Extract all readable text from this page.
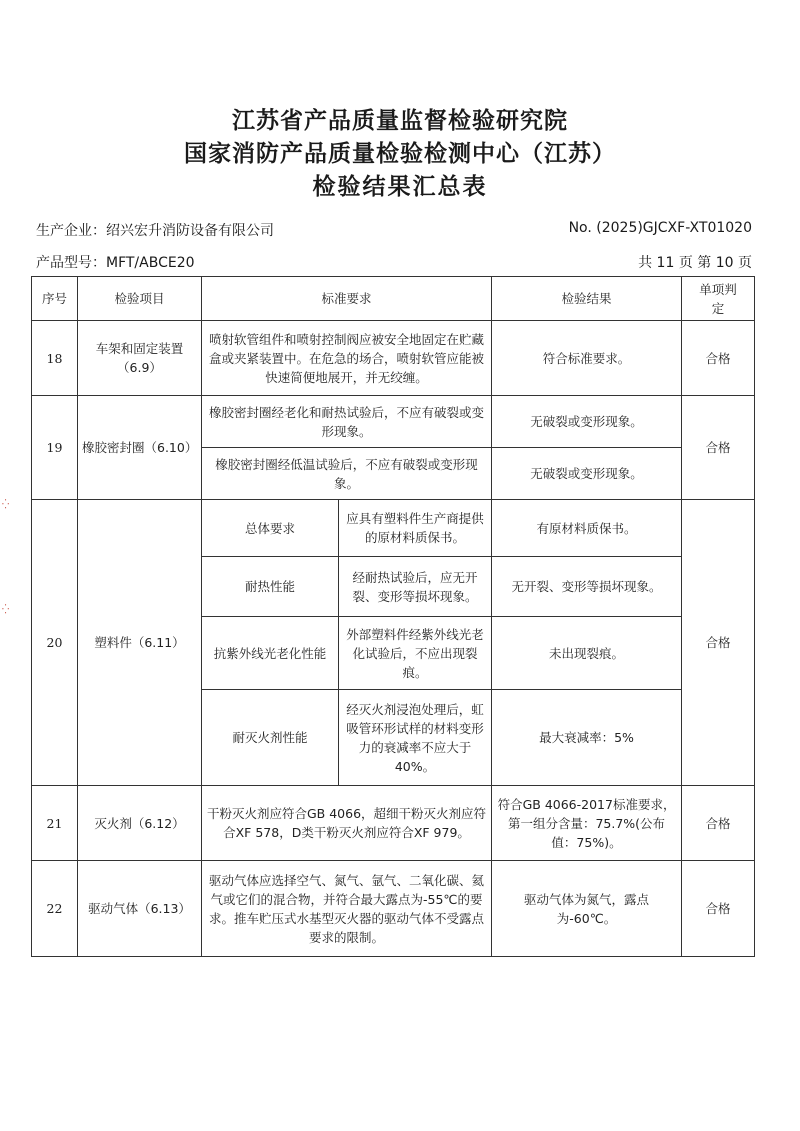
江苏省产品质量监督检验研究院
国家消防产品质量检验检测中心（江苏）
检验结果汇总表
生产企业：绍兴宏升消防设备有限公司	No. (2025)GJCXF-XT01020
产品型号：MFT/ABCE20	共 11 页 第 10 页
序号	检验项目	标准要求		检验结果	单项判定
18	车架和固定装置（6.9）	喷射软管组件和喷射控制阀应被安全地固定在贮藏盒或夹紧装置中。在危急的场合，喷射软管应能被快速简便地展开，并无绞缠。		符合标准要求。	合格
19	橡胶密封圈（6.10）	橡胶密封圈经老化和耐热试验后，不应有破裂或变形现象。		无破裂或变形现象。	合格
		橡胶密封圈经低温试验后，不应有破裂或变形现象。		无破裂或变形现象。	
20	塑料件（6.11）	总体要求	应具有塑料件生产商提供的原材料质保书。	有原材料质保书。	合格
		耐热性能	经耐热试验后，应无开裂、变形等损坏现象。	无开裂、变形等损坏现象。	
		抗紫外线光老化性能	外部塑料件经紫外线光老化试验后，不应出现裂痕。	未出现裂痕。	
		耐灭火剂性能	经灭火剂浸泡处理后，虹吸管环形试样的材料变形力的衰减率不应大于40%。	最大衰减率：5%	
21	灭火剂（6.12）	干粉灭火剂应符合GB 4066，超细干粉灭火剂应符合XF 578，D类干粉灭火剂应符合XF 979。		符合GB 4066-2017标准要求，第一组分含量：75.7%(公布值：75%)。	合格
22	驱动气体（6.13）	驱动气体应选择空气、氮气、氩气、二氧化碳、氦气或它们的混合物，并符合最大露点为-55℃的要求。推车贮压式水基型灭火器的驱动气体不受露点要求的限制。		驱动气体为氮气，露点为-60℃。	合格
⁛
⁛
